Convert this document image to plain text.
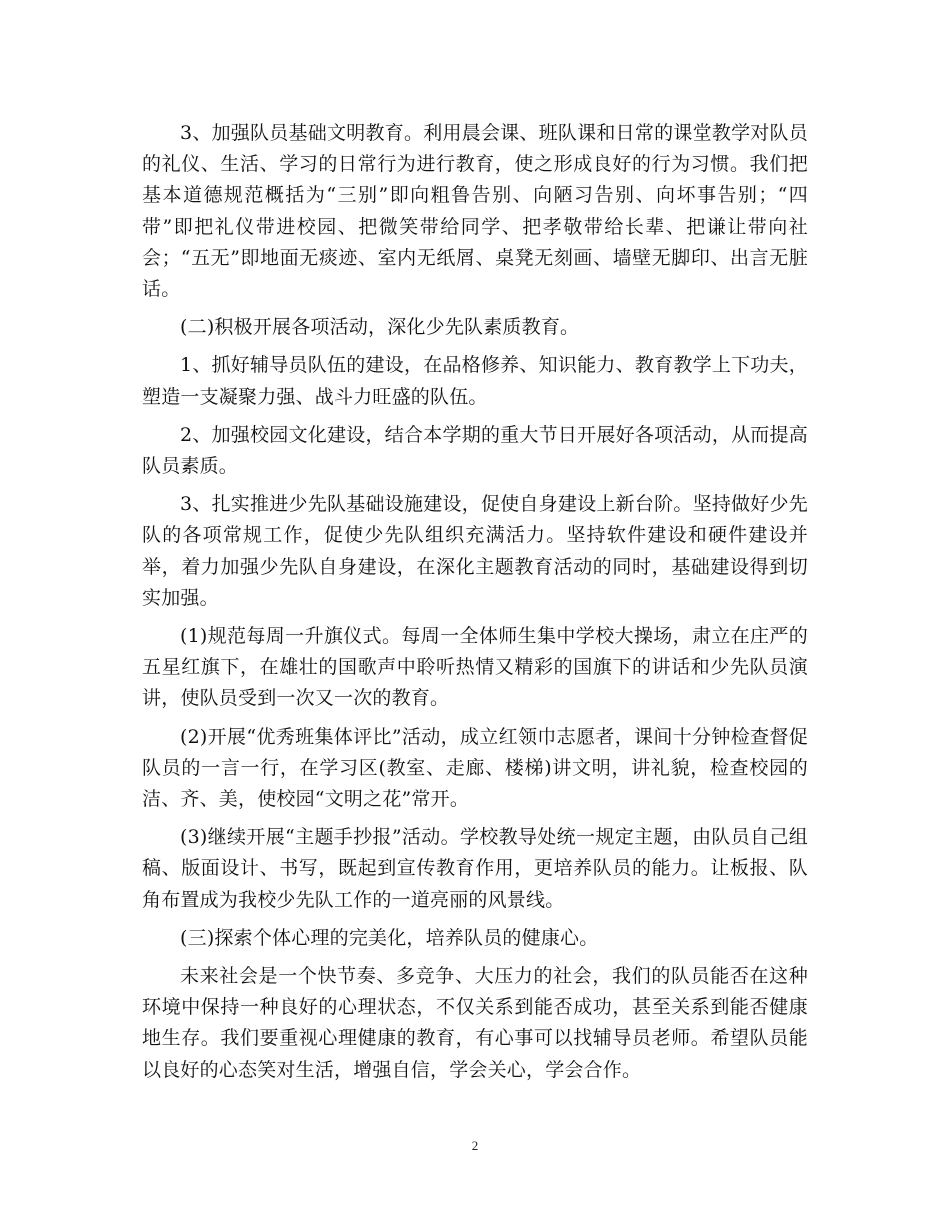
3、加强队员基础文明教育。利用晨会课、班队课和日常的课堂教学对队员的礼仪、生活、学习的日常行为进行教育，使之形成良好的行为习惯。我们把基本道德规范概括为“三别”即向粗鲁告别、向陋习告别、向坏事告别；“四带”即把礼仪带进校园、把微笑带给同学、把孝敬带给长辈、把谦让带向社会；“五无”即地面无痰迹、室内无纸屑、桌凳无刻画、墙壁无脚印、出言无脏话。

(二)积极开展各项活动，深化少先队素质教育。

1、抓好辅导员队伍的建设，在品格修养、知识能力、教育教学上下功夫，塑造一支凝聚力强、战斗力旺盛的队伍。

2、加强校园文化建设，结合本学期的重大节日开展好各项活动，从而提高队员素质。

3、扎实推进少先队基础设施建设，促使自身建设上新台阶。坚持做好少先队的各项常规工作，促使少先队组织充满活力。坚持软件建设和硬件建设并举，着力加强少先队自身建设，在深化主题教育活动的同时，基础建设得到切实加强。

(1)规范每周一升旗仪式。每周一全体师生集中学校大操场，肃立在庄严的五星红旗下，在雄壮的国歌声中聆听热情又精彩的国旗下的讲话和少先队员演讲，使队员受到一次又一次的教育。

(2)开展“优秀班集体评比”活动，成立红领巾志愿者，课间十分钟检查督促队员的一言一行，在学习区(教室、走廊、楼梯)讲文明，讲礼貌，检查校园的洁、齐、美，使校园“文明之花”常开。

(3)继续开展“主题手抄报”活动。学校教导处统一规定主题，由队员自己组稿、版面设计、书写，既起到宣传教育作用，更培养队员的能力。让板报、队角布置成为我校少先队工作的一道亮丽的风景线。

(三)探索个体心理的完美化，培养队员的健康心。

未来社会是一个快节奏、多竞争、大压力的社会，我们的队员能否在这种环境中保持一种良好的心理状态，不仅关系到能否成功，甚至关系到能否健康地生存。我们要重视心理健康的教育，有心事可以找辅导员老师。希望队员能以良好的心态笑对生活，增强自信，学会关心，学会合作。

2
